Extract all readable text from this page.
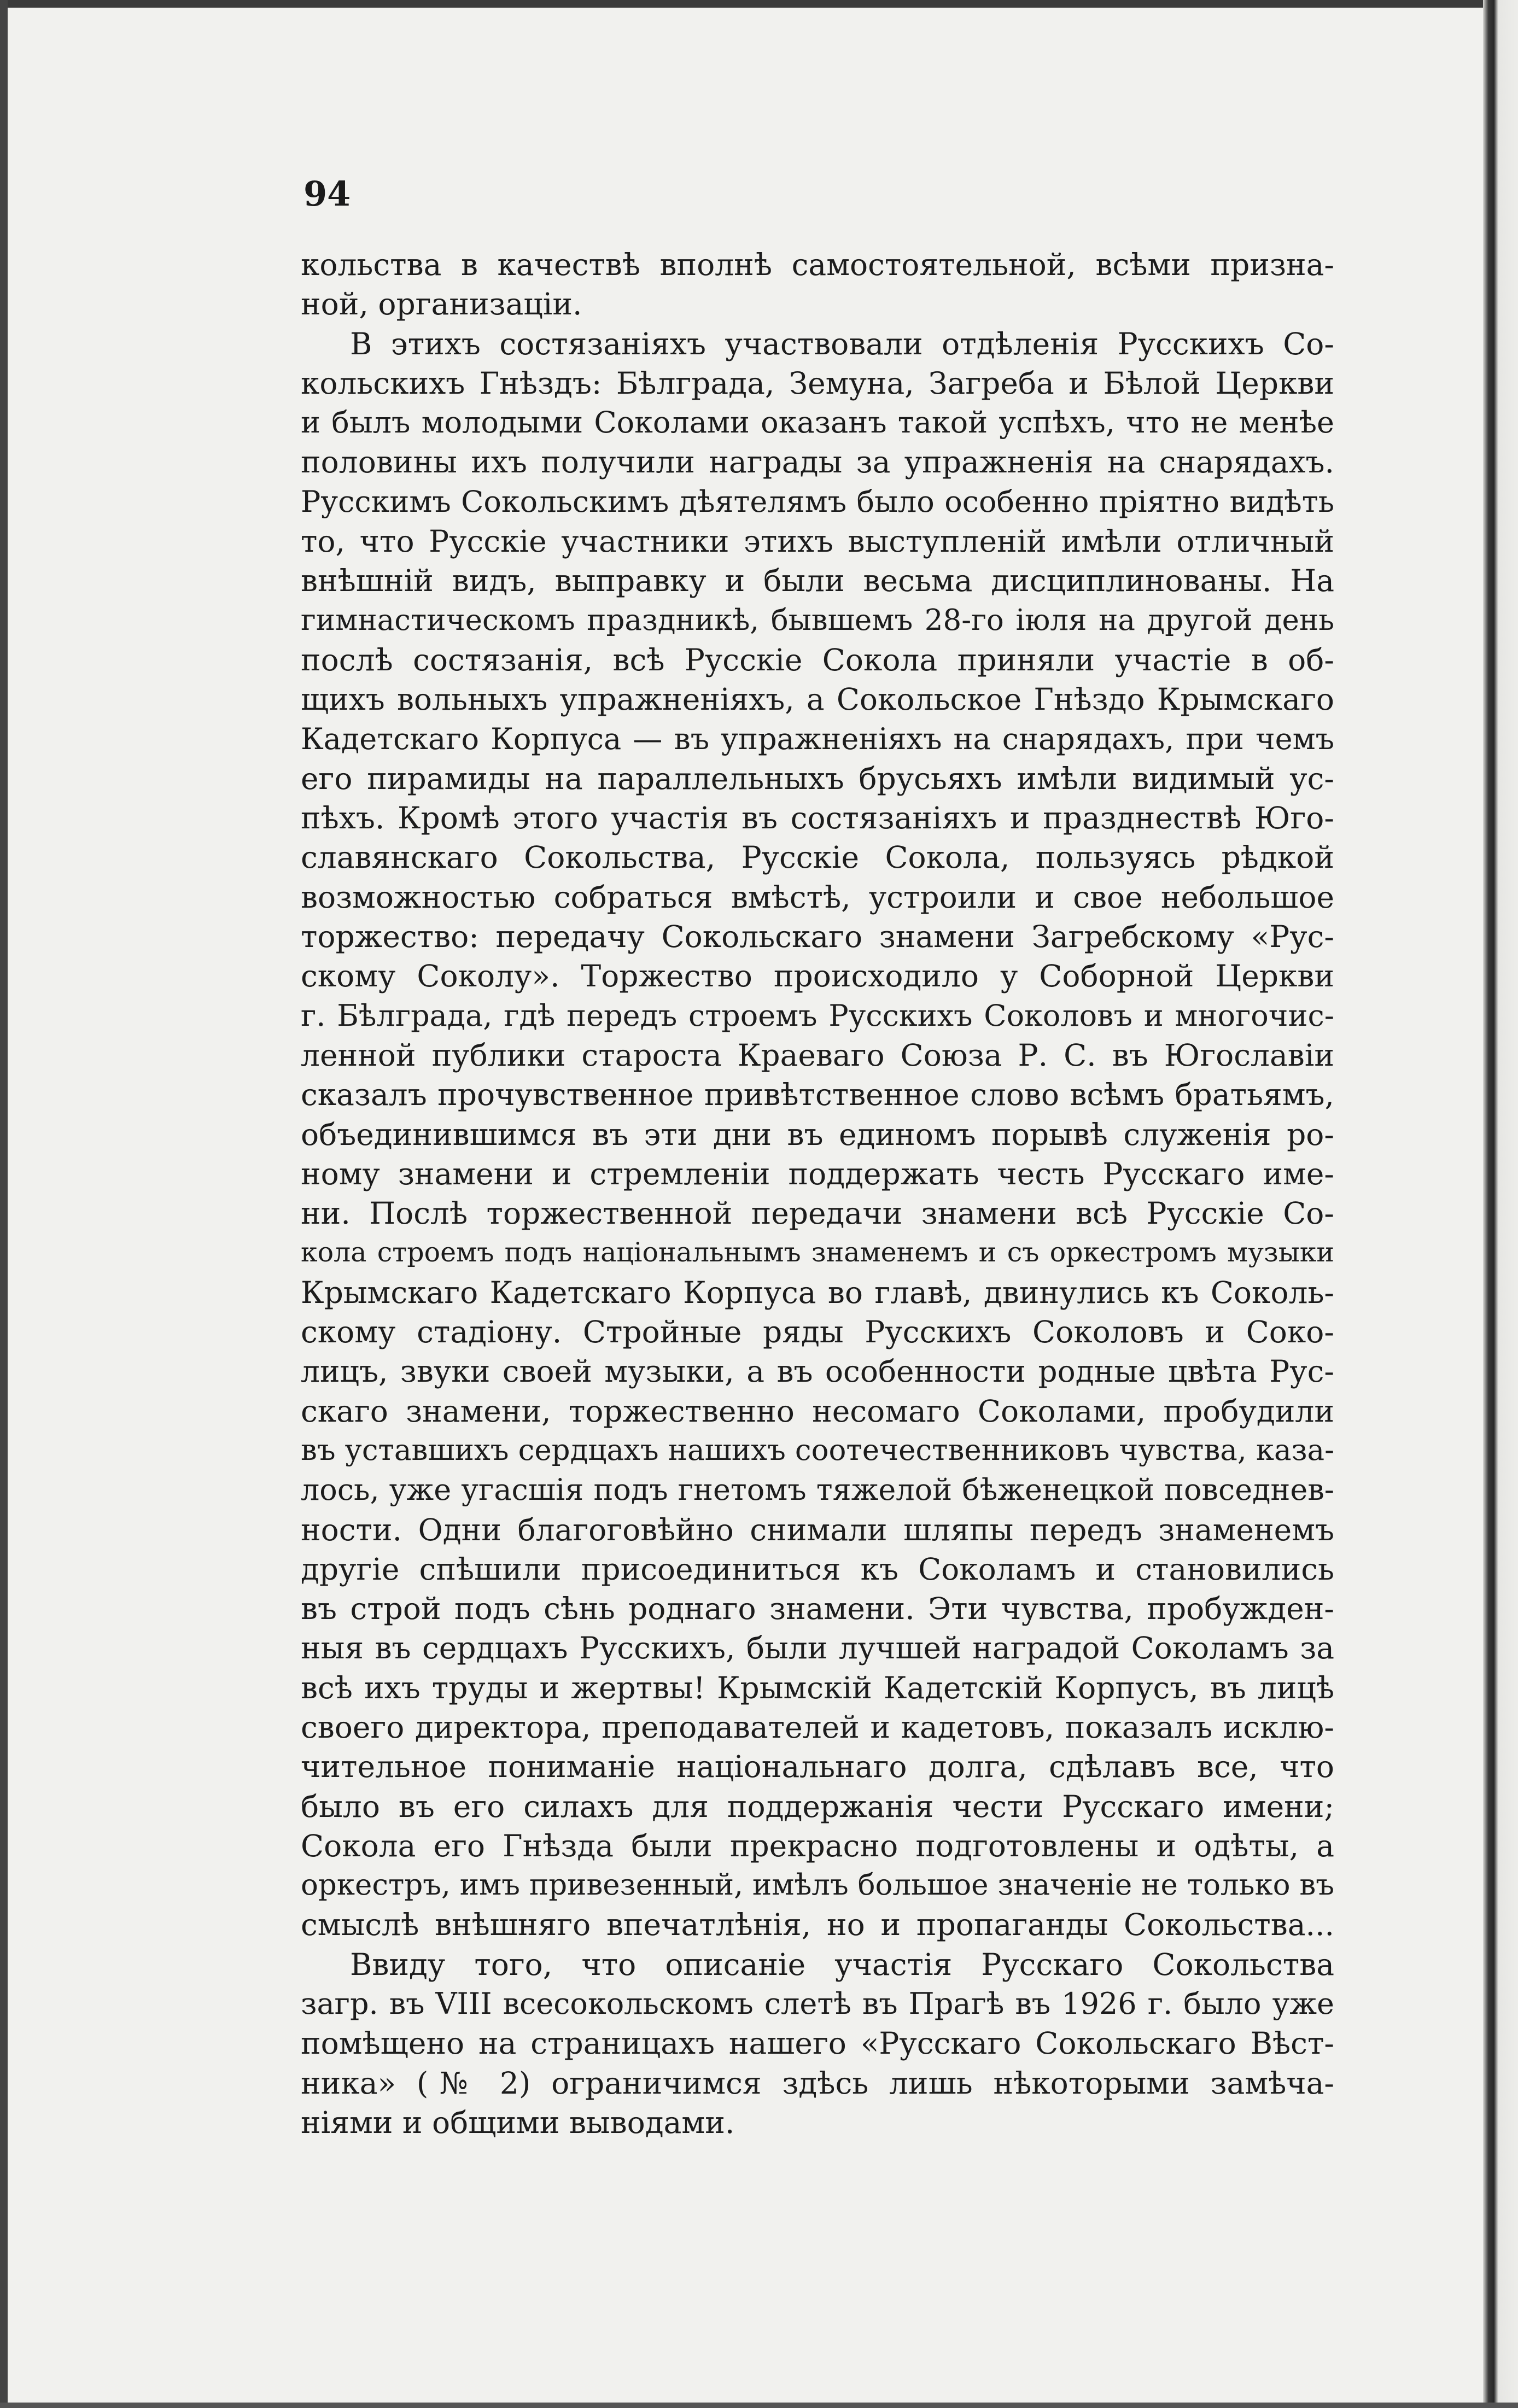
94
кольства в качествѣ вполнѣ самостоятельной, всѣми призна-
ной, организаціи.
В этихъ состязаніяхъ участвовали отдѣленія Русскихъ Со-
кольскихъ Гнѣздъ: Бѣлграда, Земуна, Загреба и Бѣлой Церкви
и былъ молодыми Соколами оказанъ такой успѣхъ, что не менѣе
половины ихъ получили награды за упражненія на снарядахъ.
Русскимъ Сокольскимъ дѣятелямъ было особенно пріятно видѣть
то, что Русскіе участники этихъ выступленій имѣли отличный
внѣшній видъ, выправку и были весьма дисциплинованы. На
гимнастическомъ праздникѣ, бывшемъ 28-го іюля на другой день
послѣ состязанія, всѣ Русскіе Сокола приняли участіе в об-
щихъ вольныхъ упражненіяхъ, а Сокольское Гнѣздо Крымскаго
Кадетскаго Корпуса — въ упражненіяхъ на снарядахъ, при чемъ
его пирамиды на параллельныхъ брусьяхъ имѣли видимый ус-
пѣхъ. Кромѣ этого участія въ состязаніяхъ и празднествѣ Юго-
славянскаго Сокольства, Русскіе Сокола, пользуясь рѣдкой
возможностью собраться вмѣстѣ, устроили и свое небольшое
торжество: передачу Сокольскаго знамени Загребскому «Рус-
скому Соколу». Торжество происходило у Соборной Церкви
г. Бѣлграда, гдѣ передъ строемъ Русскихъ Соколовъ и многочис-
ленной публики староста Краеваго Союза Р. С. въ Югославіи
сказалъ прочувственное привѣтственное слово всѣмъ братьямъ,
объединившимся въ эти дни въ единомъ порывѣ служенія ро-
ному знамени и стремленіи поддержать честь Русскаго име-
ни. Послѣ торжественной передачи знамени всѣ Русскіе Со-
кола строемъ подъ національнымъ знаменемъ и съ оркестромъ музыки
Крымскаго Кадетскаго Корпуса во главѣ, двинулись къ Соколь-
скому стадіону. Стройные ряды Русскихъ Соколовъ и Соко-
лицъ, звуки своей музыки, а въ особенности родные цвѣта Рус-
скаго знамени, торжественно несомаго Соколами, пробудили
въ уставшихъ сердцахъ нашихъ соотечественниковъ чувства, каза-
лось, уже угасшія подъ гнетомъ тяжелой бѣженецкой повседнев-
ности. Одни благоговѣйно снимали шляпы передъ знаменемъ
другіе спѣшили присоединиться къ Соколамъ и становились
въ строй подъ сѣнь роднаго знамени. Эти чувства, пробужден-
ныя въ сердцахъ Русскихъ, были лучшей наградой Соколамъ за
всѣ ихъ труды и жертвы! Крымскій Кадетскій Корпусъ, въ лицѣ
своего директора, преподавателей и кадетовъ, показалъ исклю-
чительное пониманіе національнаго долга, сдѣлавъ все, что
было въ его силахъ для поддержанія чести Русскаго имени;
Сокола его Гнѣзда были прекрасно подготовлены и одѣты, а
оркестръ, имъ привезенный, имѣлъ большое значеніе не только въ
смыслѣ внѣшняго впечатлѣнія, но и пропаганды Сокольства...
Ввиду того, что описаніе участія Русскаго Сокольства
загр. въ VIII всесокольскомъ слетѣ въ Прагѣ въ 1926 г. было уже
помѣщено на страницахъ нашего «Русскаго Сокольскаго Вѣст-
ника» (№ 2) ограничимся здѣсь лишь нѣкоторыми замѣча-
ніями и общими выводами.
